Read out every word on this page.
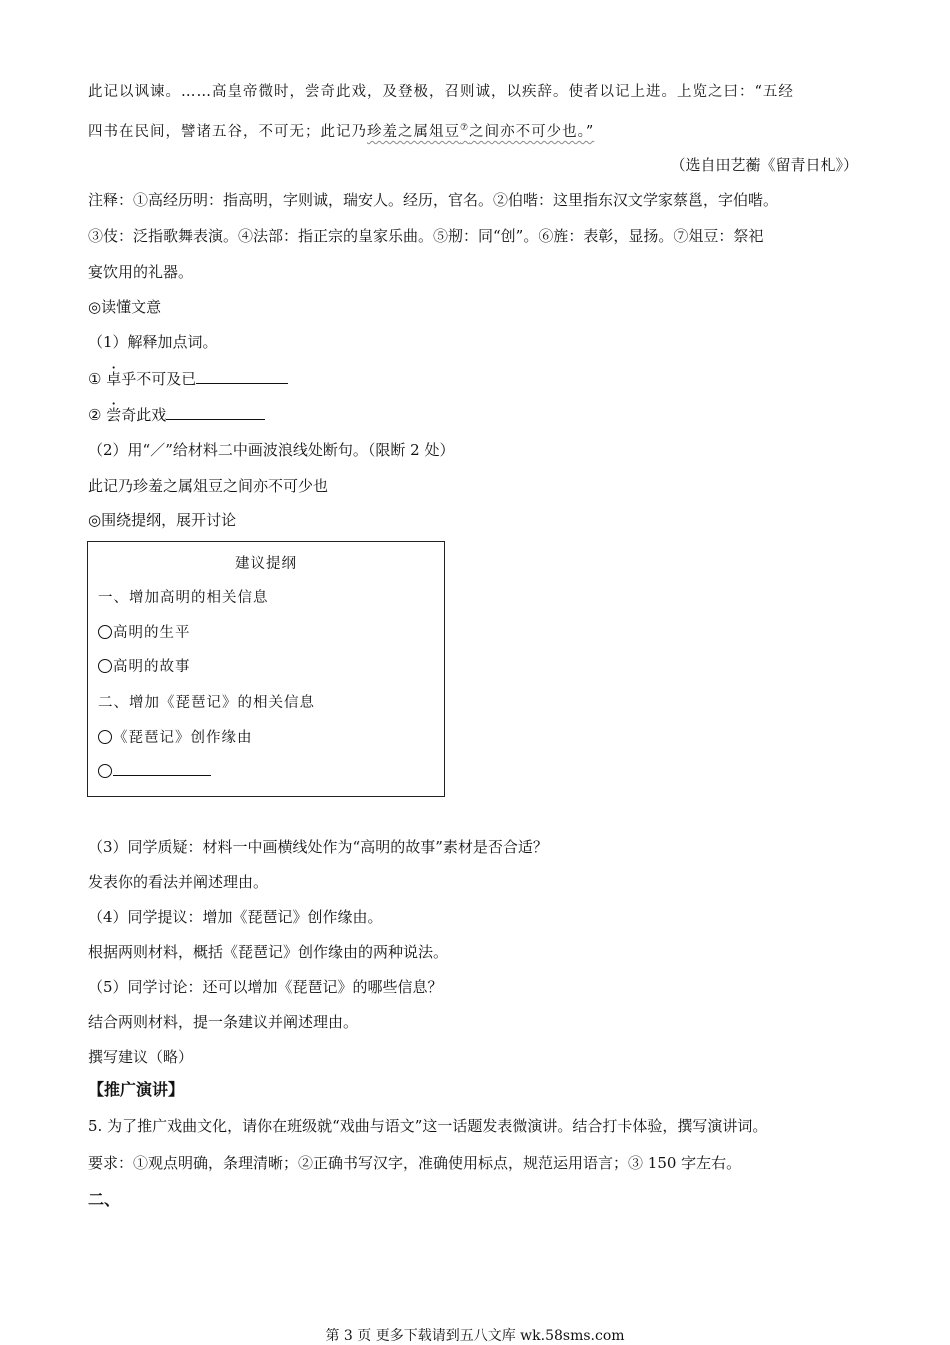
此记以讽谏。……高皇帝微时，尝奇此戏，及登极，召则诚，以疾辞。使者以记上进。上览之曰：“五经
四书在民间，譬诸五谷，不可无；此记乃珍羞之属俎豆⑦之间亦不可少也。”
（选自田艺蘅《留青日札》）
注释：①高经历明：指高明，字则诚，瑞安人。经历，官名。②伯喈：这里指东汉文学家蔡邕，字伯喈。
③伎：泛指歌舞表演。④法部：指正宗的皇家乐曲。⑤剏：同“创”。⑥旌：表彰，显扬。⑦俎豆：祭祀
宴饮用的礼器。
◎读懂文意
（1）解释加点词。
① 卓乎不可及已
② 尝奇此戏
（2）用“／”给材料二中画波浪线处断句。（限断 2 处）
此记乃珍羞之属俎豆之间亦不可少也
◎围绕提纲，展开讨论
建议提纲
一、增加高明的相关信息
高明的生平
高明的故事
二、增加《琵琶记》的相关信息
《琵琶记》创作缘由
（3）同学质疑：材料一中画横线处作为“高明的故事”素材是否合适？
发表你的看法并阐述理由。
（4）同学提议：增加《琵琶记》创作缘由。
根据两则材料，概括《琵琶记》创作缘由的两种说法。
（5）同学讨论：还可以增加《琵琶记》的哪些信息？
结合两则材料，提一条建议并阐述理由。
撰写建议（略）
【推广演讲】
5. 为了推广戏曲文化，请你在班级就“戏曲与语文”这一话题发表微演讲。结合打卡体验，撰写演讲词。
要求：①观点明确，条理清晰；②正确书写汉字，准确使用标点，规范运用语言；③ 150 字左右。
二、
第 3 页 更多下载请到五八文库 wk.58sms.com
